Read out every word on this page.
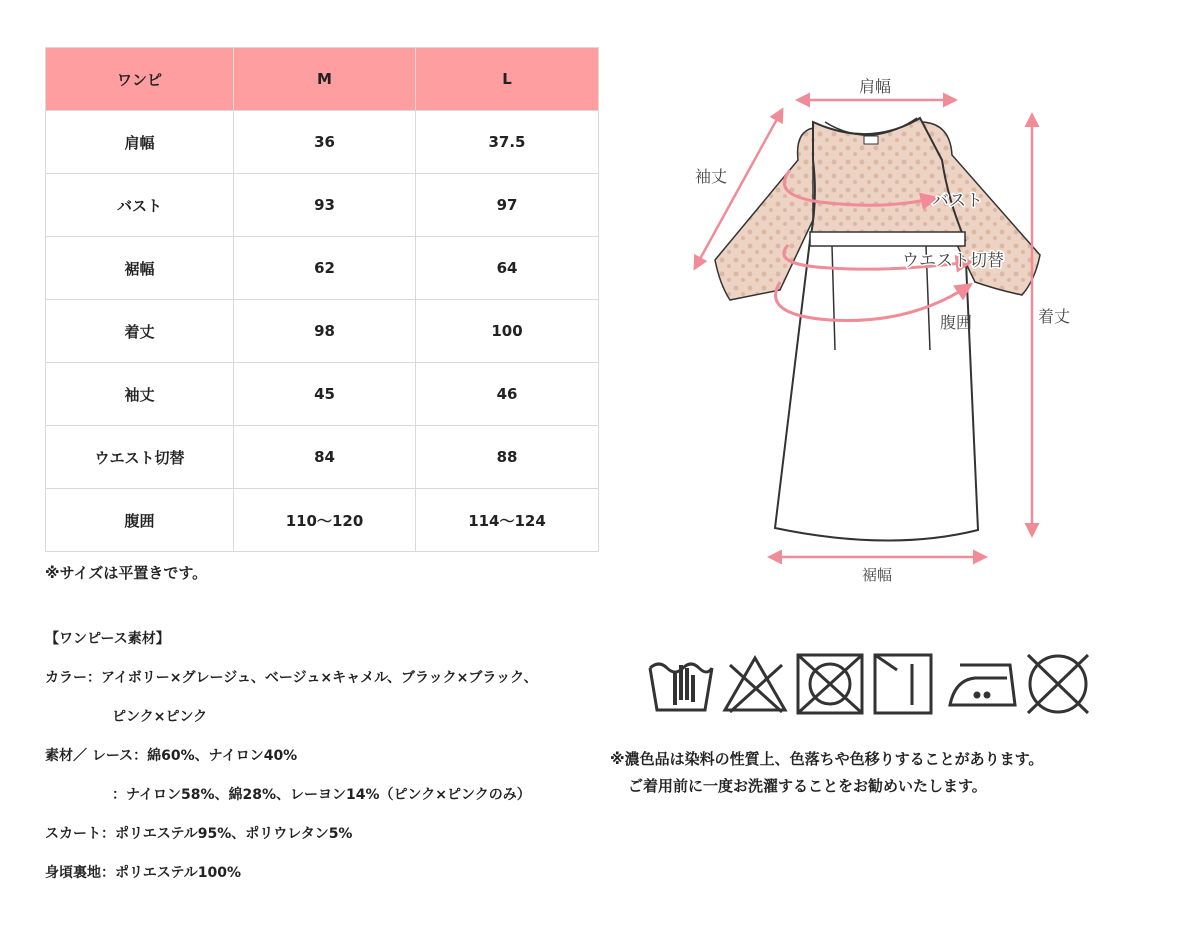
ワンピ	M	L
肩幅	36	37.5
バスト	93	97
裾幅	62	64
着丈	98	100
袖丈	45	46
ウエスト切替	84	88
腹囲	110〜120	114〜124
※サイズは平置きです。
【ワンピース素材】
カラー：アイボリー×グレージュ、ベージュ×キャメル、ブラック×ブラック、
ピンク×ピンク
素材／ レース：綿60%、ナイロン40%
：ナイロン58%、綿28%、レーヨン14%（ピンク×ピンクのみ）
スカート：ポリエステル95%、ポリウレタン5%
身頃裏地：ポリエステル100%
肩幅
袖丈
バスト
ウエスト切替
腹囲	着丈
裾幅
※濃色品は染料の性質上、色落ちや色移りすることがあります。
ご着用前に一度お洗濯することをお勧めいたします。
